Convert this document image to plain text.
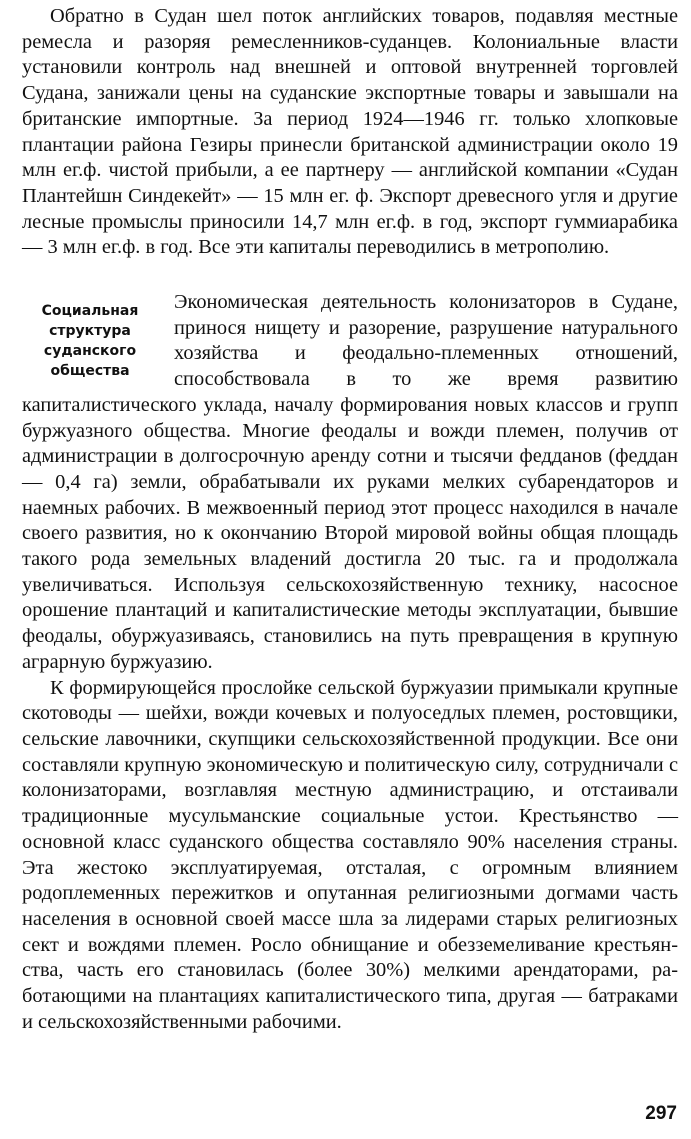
Обратно в Судан шел поток английских товаров, подавляя местные ремесла и разоряя ремесленников-суданцев. Колониальные власти установили контроль над внешней и оптовой внутренней торговлей Судана, занижали цены на суданские экспортные товары и завышали на британские импортные. За период 1924—1946 гг. только хлопковые плантации района Гезиры принесли британской администрации около 19 млн ег.ф. чистой прибыли, а ее партнеру — английской компании «Судан Плантейшн Синдекейт» — 15 млн ег. ф. Экспорт древесного угля и другие лесные промыслы приносили 14,7 млн ег.ф. в год, экспорт гуммиарабика — 3 млн ег.ф. в год. Все эти капиталы переводились в метрополию.

Социальная
структура
суданского
общества
Экономическая деятельность колонизаторов в Судане, принося нищету и разорение, разрушение натурального хозяйства и феодально-племенных отношений, способствовала в то же время развитию капиталистического уклада, началу формирования новых классов и групп буржуазного общества. Многие феодалы и вожди племен, получив от администрации в долгосрочную аренду сотни и тысячи федданов (феддан — 0,4 га) земли, обрабатывали их руками мелких субарендаторов и наемных рабочих. В межвоенный период этот процесс находился в начале своего развития, но к окончанию Второй мировой войны общая площадь такого рода земельных владений достигла 20 тыс. га и продолжала увеличиваться. Используя сельскохозяйственную технику, насосное орошение плантаций и капиталистические методы эксплуатации, бывшие феодалы, обуржуазиваясь, становились на путь превращения в крупную аграрную буржуазию.

К формирующейся прослойке сельской буржуазии примыкали крупные скотоводы — шейхи, вожди кочевых и полуоседлых племен, ростовщики, сельские лавочники, скупщики сельскохозяйственной продукции. Все они составляли крупную экономическую и политическую силу, сотрудничали с колонизаторами, возглавляя местную администрацию, и отстаивали традиционные мусульманские социальные устои. Крестьянство — основной класс суданского общества составляло 90% населения страны. Эта жестоко эксплуатируемая, отсталая, с огромным влиянием родоплеменных пережитков и опутанная религиозными догмами часть населения в основной своей массе шла за лидерами старых религиозных сект и вождями племен. Росло обнищание и обезземеливание крестьянства, часть его становилась (более 30%) мелкими арендаторами, работающими на плантациях капиталистического типа, другая — батраками и сельскохозяйственными рабочими.

297
